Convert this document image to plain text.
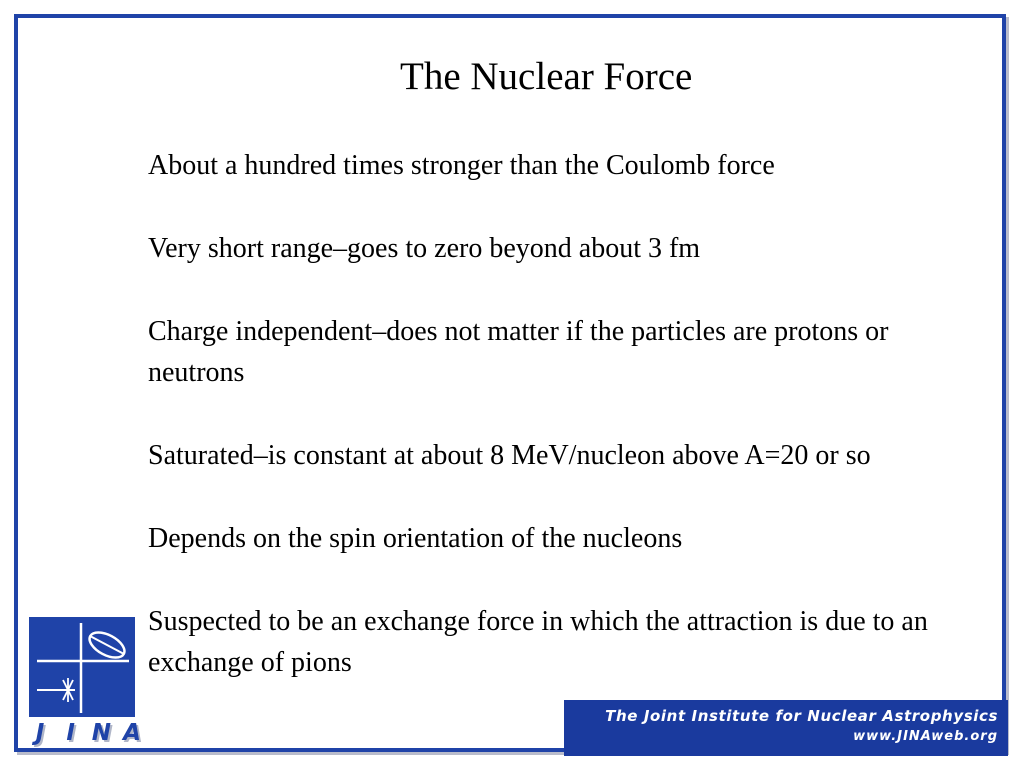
The Nuclear Force
About a hundred times stronger than the Coulomb force
Very short range–goes to zero beyond about 3 fm
Charge independent–does not matter if the particles are protons or neutrons
Saturated–is constant at about 8 MeV/nucleon above A=20 or so
Depends on the spin orientation of the nucleons
Suspected to be an exchange force in which the attraction is due to an exchange of pions
J I N A
The Joint Institute for Nuclear Astrophysics
www.JINAweb.org
